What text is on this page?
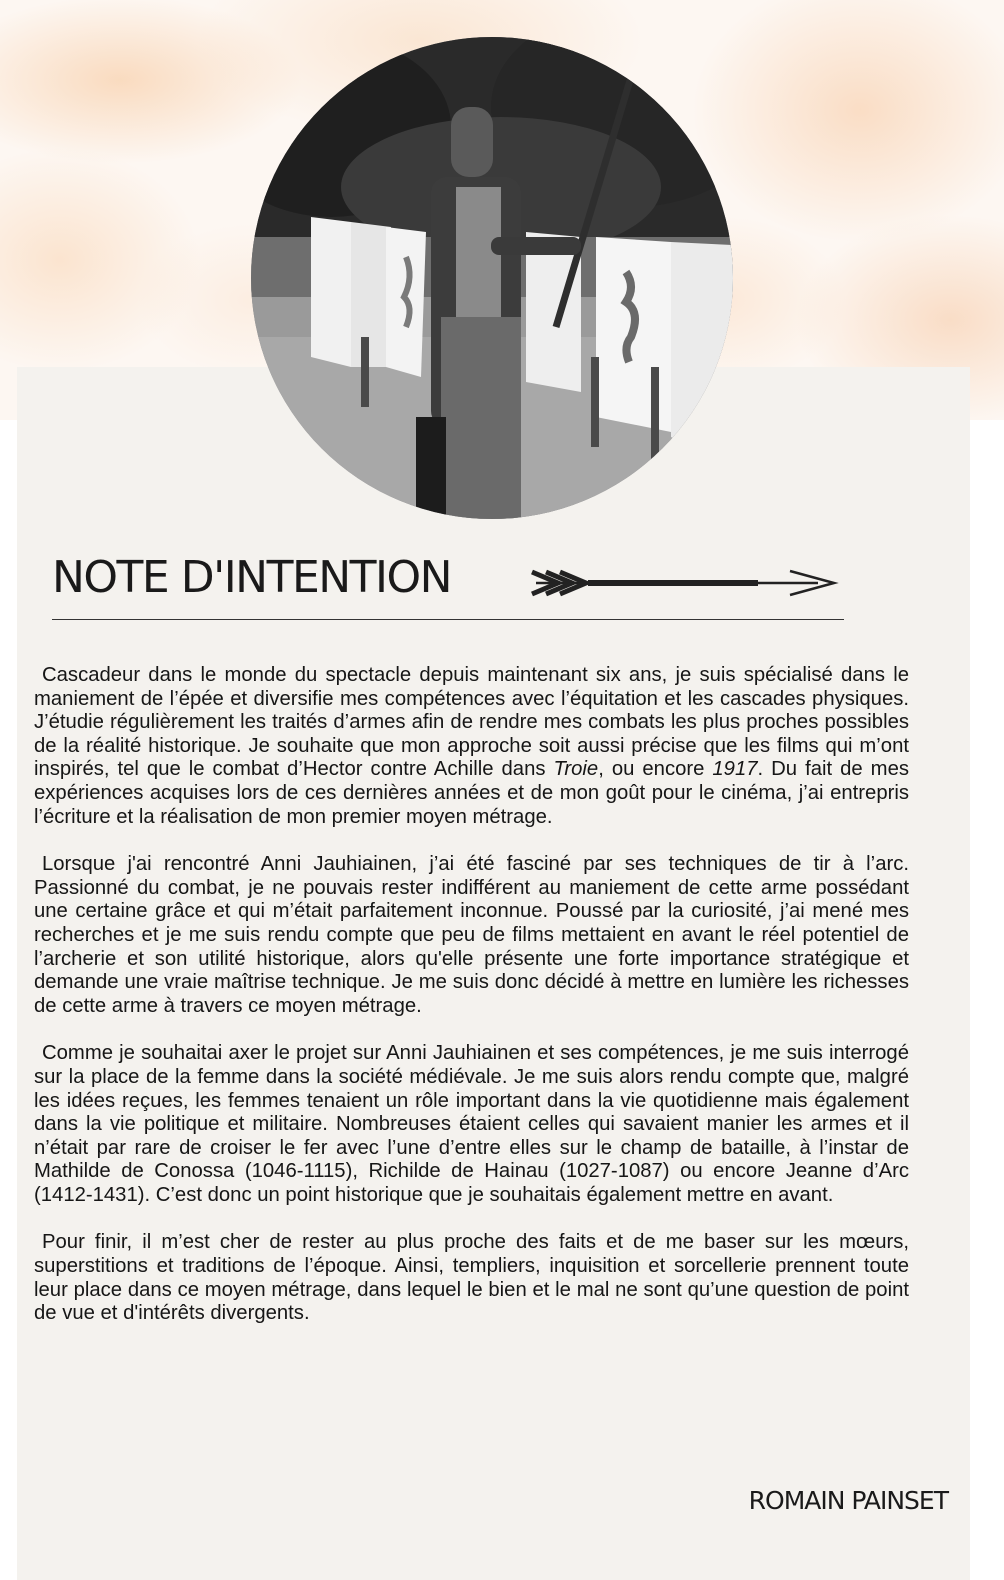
NOTE D'INTENTION

Cascadeur dans le monde du spectacle depuis maintenant six ans, je suis spécialisé dans le maniement de l’épée et diversifie mes compétences avec l’équitation et les cascades physiques. J’étudie régulièrement les traités d’armes afin de rendre mes combats les plus proches possibles de la réalité historique. Je souhaite que mon approche soit aussi précise que les films qui m’ont inspirés, tel que le combat d’Hector contre Achille dans Troie, ou encore 1917. Du fait de mes expériences acquises lors de ces dernières années et de mon goût pour le cinéma, j’ai entrepris l’écriture et la réalisation de mon premier moyen métrage.

Lorsque j'ai rencontré Anni Jauhiainen, j’ai été fasciné par ses techniques de tir à l’arc. Passionné du combat, je ne pouvais rester indifférent au maniement de cette arme possédant une certaine grâce et qui m’était parfaitement inconnue. Poussé par la curiosité, j’ai mené mes recherches et je me suis rendu compte que peu de films mettaient en avant le réel potentiel de l’archerie et son utilité historique, alors qu'elle présente une forte importance stratégique et demande une vraie maîtrise technique. Je me suis donc décidé à mettre en lumière les richesses de cette arme à travers ce moyen métrage.

Comme je souhaitai axer le projet sur Anni Jauhiainen et ses compétences, je me suis interrogé sur la place de la femme dans la société médiévale. Je me suis alors rendu compte que, malgré les idées reçues, les femmes tenaient un rôle important dans la vie quotidienne mais également dans la vie politique et militaire. Nombreuses étaient celles qui savaient manier les armes et il n’était par rare de croiser le fer avec l’une d’entre elles sur le champ de bataille, à l’instar de Mathilde de Conossa (1046-1115), Richilde de Hainau (1027-1087) ou encore Jeanne d’Arc (1412-1431). C’est donc un point historique que je souhaitais également mettre en avant.

Pour finir, il m’est cher de rester au plus proche des faits et de me baser sur les mœurs, superstitions et traditions de l’époque. Ainsi, templiers, inquisition et sorcellerie prennent toute leur place dans ce moyen métrage, dans lequel le bien et le mal ne sont qu’une question de point de vue et d'intérêts divergents.

ROMAIN PAINSET
